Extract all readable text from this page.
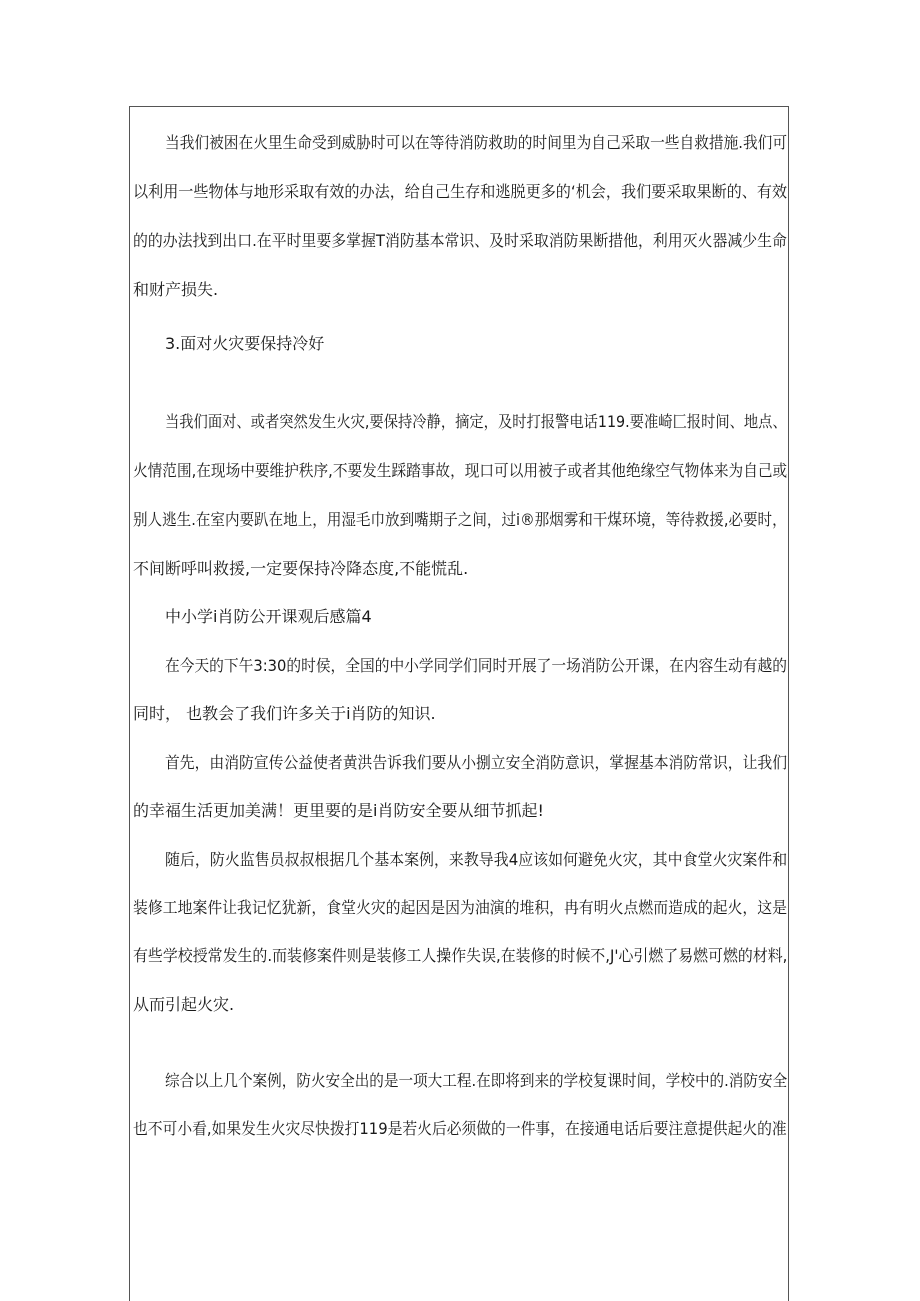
当我们被困在火里生命受到威胁时可以在等待消防救助的时间里为自己采取一些自救措施.我们可
以利用一些物体与地形采取有效的办法，给自己生存和逃脱更多的‘机会，我们要采取果断的、有效
的的办法找到出口.在平时里要多掌握T消防基本常识、及时采取消防果断措他，利用灭火器减少生命
和财产损失.
3.面对火灾要保持冷好
当我们面对、或者突然发生火灾,要保持冷静，摘定，及时打报警电话119.要准崎匚报时间、地点、
火情范围,在现场中要维护秩序,不要发生踩踏事故，现口可以用被子或者其他绝缘空气物体来为自己或
别人逃生.在室内要趴在地上，用湿毛巾放到嘴期子之间，过i®那烟雾和干煤环境，等待救援,必要时，
不间断呼叫救援,一定要保持冷降态度,不能慌乱.
中小学i肖防公开课观后感篇4
在今天的下午3:30的时侯，全国的中小学同学们同时开展了一场消防公开课，在内容生动有越的
同时， 也教会了我们许多关于i肖防的知识.
首先，由消防宣传公益使者黄洪告诉我们要从小捌立安全消防意识，掌握基本消防常识，让我们
的幸福生活更加美满！更里要的是i肖防安全要从细节抓起!
随后，防火监售员叔叔根据几个基本案例，来教导我4应该如何避免火灾，其中食堂火灾案件和
装修工地案件让我记忆犹新，食堂火灾的起因是因为油演的堆积，冉有明火点燃而造成的起火，这是
有些学校授常发生的.而装修案件则是装修工人操作失误,在装修的时候不,J'心引燃了易燃可燃的材料,
从而引起火灾.
综合以上几个案例，防火安全出的是一项大工程.在即将到来的学校复课时间，学校中的.消防安全
也不可小看,如果发生火灾尽快拨打119是若火后必须做的一件事，在接通电话后要注意提供起火的准
